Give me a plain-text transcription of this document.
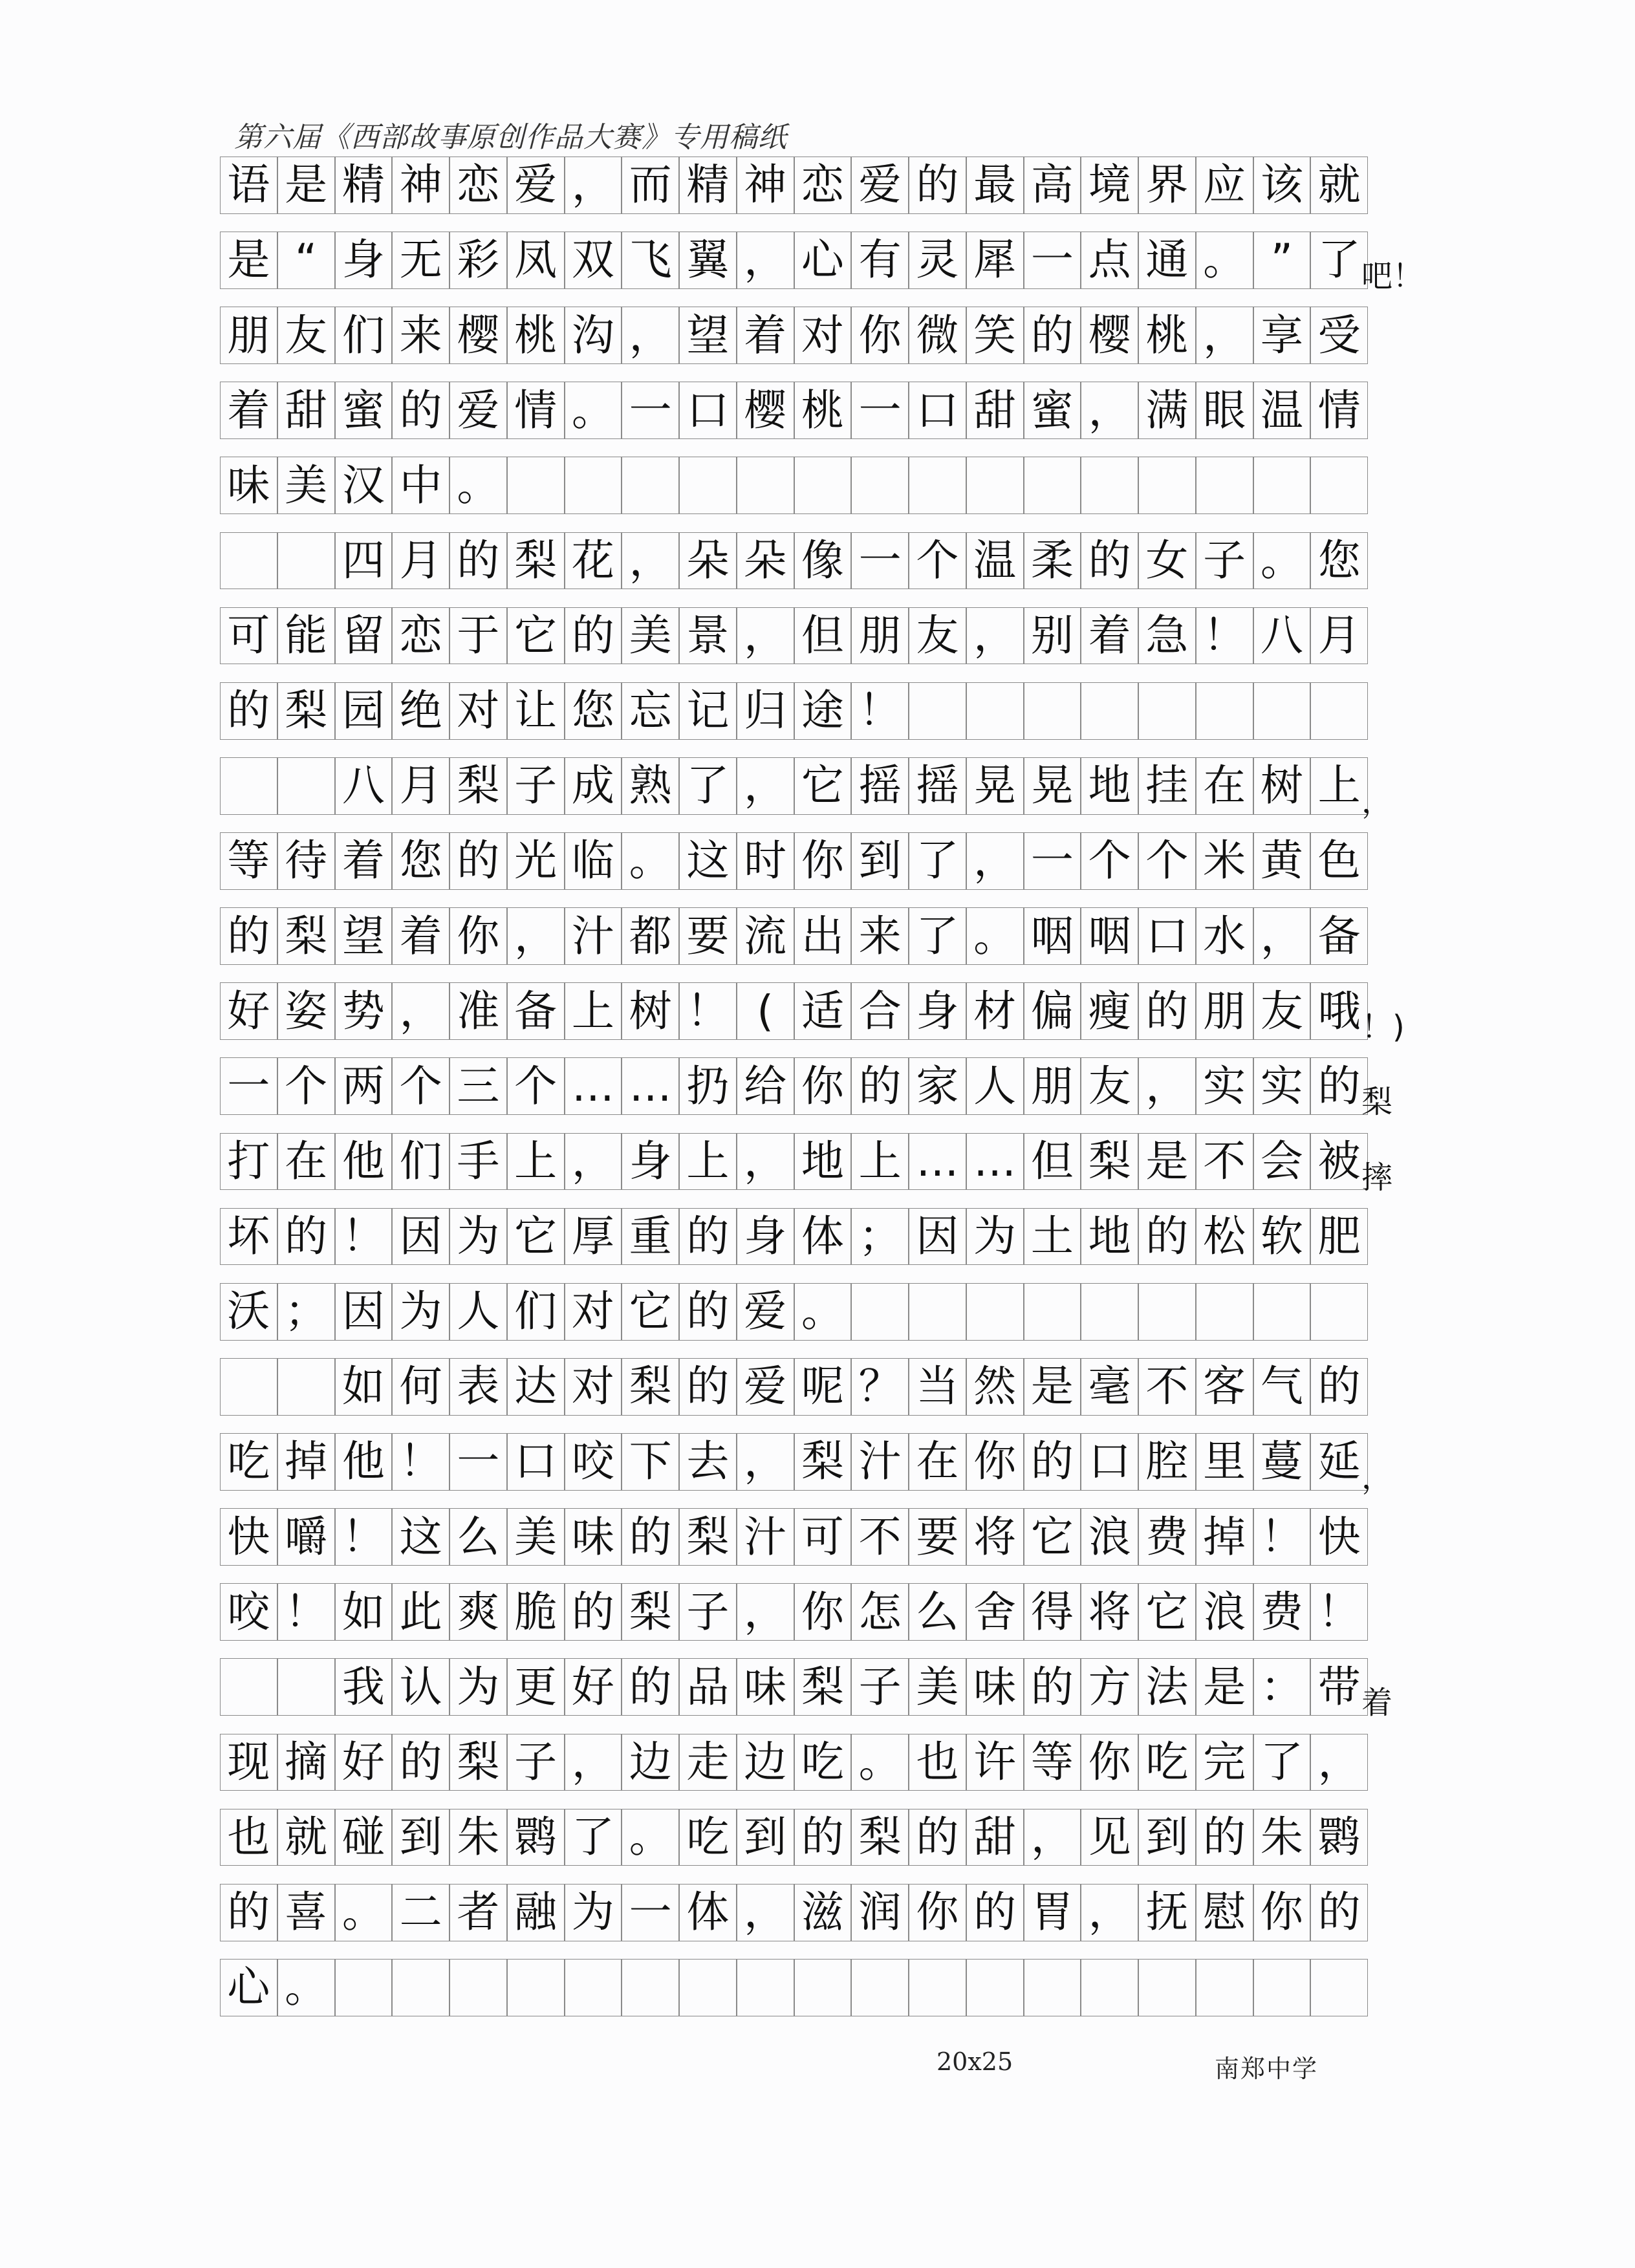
第六届《西部故事原创作品大赛》专用稿纸
语 是 精 神 恋 爱 ， 而 精 神 恋 爱 的 最 高 境 界 应 该 就
是 “ 身 无 彩 凤 双 飞 翼 ， 心 有 灵 犀 一 点 通 。 ” 了 吧！
朋 友 们 来 樱 桃 沟 ， 望 着 对 你 微 笑 的 樱 桃 ， 享 受
着 甜 蜜 的 爱 情 。 一 口 樱 桃 一 口 甜 蜜 ， 满 眼 温 情
味 美 汉 中 。
四 月 的 梨 花 ， 朵 朵 像 一 个 温 柔 的 女 子 。 您
可 能 留 恋 于 它 的 美 景 ， 但 朋 友 ， 别 着 急 ！ 八 月
的 梨 园 绝 对 让 您 忘 记 归 途 ！
八 月 梨 子 成 熟 了 ， 它 摇 摇 晃 晃 地 挂 在 树 上 ，
等 待 着 您 的 光 临 。 这 时 你 到 了 ， 一 个 个 米 黄 色
的 梨 望 着 你 ， 汁 都 要 流 出 来 了 。 咽 咽 口 水 ， 备
好 姿 势 ， 准 备 上 树 ！ ( 适 合 身 材 偏 瘦 的 朋 友 哦 ！)
一 个 两 个 三 个 … … 扔 给 你 的 家 人 朋 友 ， 实 实 的 梨
打 在 他 们 手 上 ， 身 上 ， 地 上 … … 但 梨 是 不 会 被 摔
坏 的 ！ 因 为 它 厚 重 的 身 体 ； 因 为 土 地 的 松 软 肥
沃 ； 因 为 人 们 对 它 的 爱 。
如 何 表 达 对 梨 的 爱 呢 ？ 当 然 是 毫 不 客 气 的
吃 掉 他 ！ 一 口 咬 下 去 ， 梨 汁 在 你 的 口 腔 里 蔓 延 ，
快 嚼 ！ 这 么 美 味 的 梨 汁 可 不 要 将 它 浪 费 掉 ！ 快
咬 ！ 如 此 爽 脆 的 梨 子 ， 你 怎 么 舍 得 将 它 浪 费 ！
我 认 为 更 好 的 品 味 梨 子 美 味 的 方 法 是 ： 带 着
现 摘 好 的 梨 子 ， 边 走 边 吃 。 也 许 等 你 吃 完 了 ，
也 就 碰 到 朱 鹮 了 。 吃 到 的 梨 的 甜 ， 见 到 的 朱 鹮
的 喜 。 二 者 融 为 一 体 ， 滋 润 你 的 胃 ， 抚 慰 你 的
心 。
20x25	南郑中学
